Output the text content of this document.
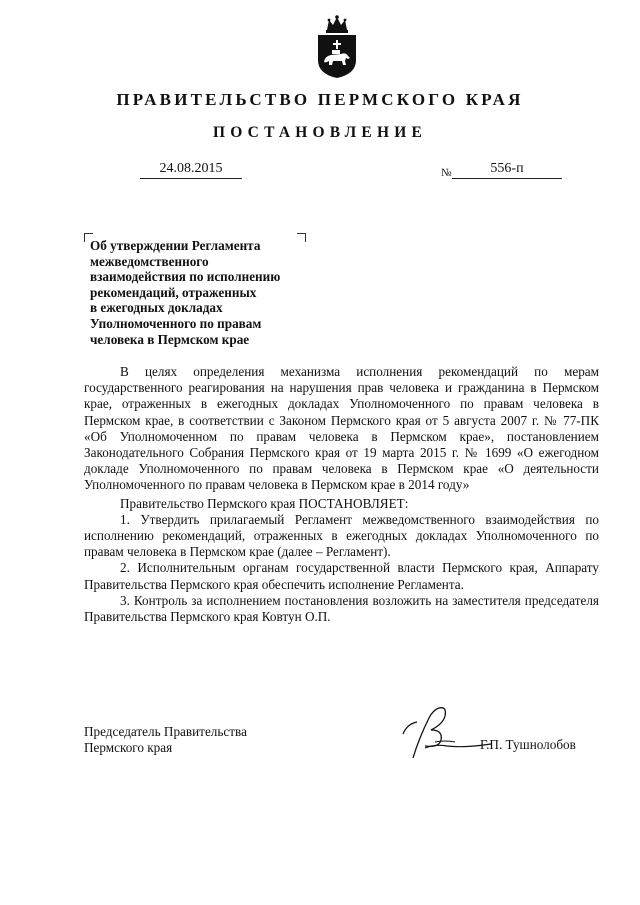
ПРАВИТЕЛЬСТВО ПЕРМСКОГО КРАЯ
ПОСТАНОВЛЕНИЕ
24.08.2015	№	556-п
Об утверждении Регламента
межведомственного
взаимодействия по исполнению
рекомендаций, отраженных
в ежегодных докладах
Уполномоченного по правам
человека в Пермском крае

В целях определения механизма исполнения рекомендаций по мерам государственного реагирования на нарушения прав человека и гражданина в Пермском крае, отраженных в ежегодных докладах Уполномоченного по правам человека в Пермском крае, в соответствии с Законом Пермского края от 5 августа 2007 г. № 77-ПК «Об Уполномоченном по правам человека в Пермском крае», постановлением Законодательного Собрания Пермского края от 19 марта 2015 г. № 1699 «О ежегодном докладе Уполномоченного по правам человека в Пермском крае «О деятельности Уполномоченного по правам человека в Пермском крае в 2014 году»

Правительство Пермского края ПОСТАНОВЛЯЕТ:

1. Утвердить прилагаемый Регламент межведомственного взаимодействия по исполнению рекомендаций, отраженных в ежегодных докладах Уполномоченного по правам человека в Пермском крае (далее – Регламент).

2. Исполнительным органам государственной власти Пермского края, Аппарату Правительства Пермского края обеспечить исполнение Регламента.

3. Контроль за исполнением постановления возложить на заместителя председателя Правительства Пермского края Ковтун О.П.

Председатель Правительства
Пермского края	Г.П. Тушнолобов
